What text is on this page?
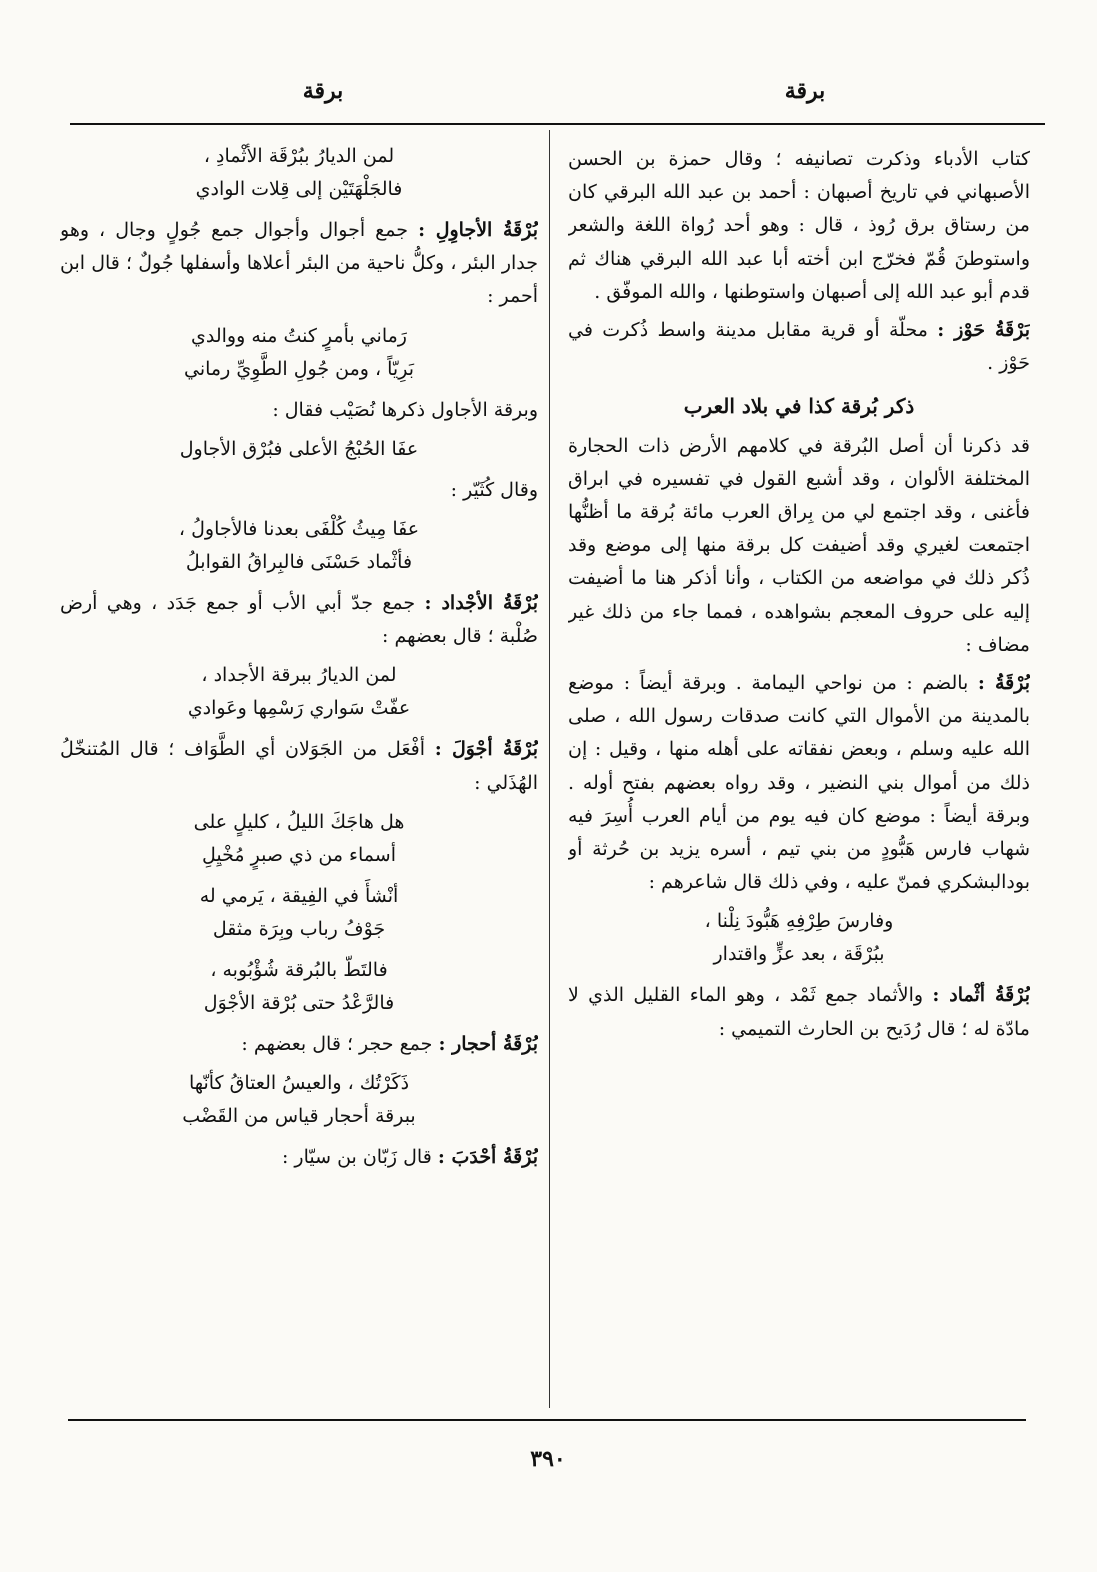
برقة
برقة

كتاب الأدباء وذكرت تصانيفه ؛ وقال حمزة بن الحسن الأصبهاني في تاريخ أصبهان : أحمد بن عبد الله البرقي كان من رستاق برق رُوذ ، قال : وهو أحد رُواة اللغة والشعر واستوطنَ قُمّ فخرّج ابن أخته أبا عبد الله البرقي هناك ثم قدم أبو عبد الله إلى أصبهان واستوطنها ، والله الموفّق .

بَرْقَةُ حَوْز : محلّة أو قرية مقابل مدينة واسط ذُكرت في حَوْز .

ذكر بُرقة كذا في بلاد العرب

قد ذكرنا أن أصل البُرقة في كلامهم الأرض ذات الحجارة المختلفة الألوان ، وقد أشبع القول في تفسيره في ابراق فأغنى ، وقد اجتمع لي من بِراق العرب مائة بُرقة ما أظنُّها اجتمعت لغيري وقد أضيفت كل برقة منها إلى موضع وقد ذُكر ذلك في مواضعه من الكتاب ، وأنا أذكر هنا ما أضيفت إليه على حروف المعجم بشواهده ، فمما جاء من ذلك غير مضاف :

بُرْقَةُ : بالضم : من نواحي اليمامة . وبرقة أيضاً : موضع بالمدينة من الأموال التي كانت صدقات رسول الله ، صلى الله عليه وسلم ، وبعض نفقاته على أهله منها ، وقيل : إن ذلك من أموال بني النضير ، وقد رواه بعضهم بفتح أوله . وبرقة أيضاً : موضع كان فيه يوم من أيام العرب أُسِرَ فيه شهاب فارس هَبُّودٍ من بني تيم ، أسره يزيد بن حُرثة أو بودالبشكري فمنّ عليه ، وفي ذلك قال شاعرهم :

وفارسَ طِرْفِهِ هَبُّودَ نِلْنا ،
ببُرْقَة ، بعد عزٍّ واقتدار

بُرْقَةُ أثْماد : والأثماد جمع ثَمْد ، وهو الماء القليل الذي لا مادّة له ؛ قال رُدَيح بن الحارث التميمي :

لمن الديارُ ببُرْقَة الأثْمادِ ،
فالجَلْهَتَيْن إلى قِلات الوادي

بُرْقَةُ الأجاوِلِ : جمع أجوال وأجوال جمع جُولٍ وجال ، وهو جدار البئر ، وكلُّ ناحية من البئر أعلاها وأسفلها جُولٌ ؛ قال ابن أحمر :

رَماني بأمرٍ كنتُ منه ووالدي
بَرِيّاً ، ومن جُولِ الطَّوِيِّ رماني

وبرقة الأجاول ذكرها نُصَيْب فقال :

عفَا الحُبْجُ الأعلى فبُرْق الأجاول

وقال كُثَيّر :

عفَا مِيثُ كُلْفَى بعدنا فالأجاولُ ،
فأثْماد حَسْنَى فالبِراقُ القوابلُ

بُرْقَةُ الأجْداد : جمع جدّ أبي الأب أو جمع جَدَد ، وهي أرض صُلْبة ؛ قال بعضهم :

لمن الديارُ ببرقة الأجداد ،
عفّتْ سَواري رَسْمِها وعَوادي

بُرْقَةُ أجْوَلَ : أفْعَل من الجَوَلان أي الطَّوَاف ؛ قال المُتنخّلُ الهُذَلي :

هل هاجَكَ الليلُ ، كليلٍ على
أسماء من ذي صبرٍ مُخْيِلِ
أنْشأَ في الفِيقة ، يَرمي له
جَوْفُ رباب وبِرَة مثقل
فالتَطّ بالبُرقة شُؤْبُوبه ،
فالرَّعْدُ حتى بُرْقة الأجْوَل

بُرْقَةُ أحجار : جمع حجر ؛ قال بعضهم :

ذَكَرْتُك ، والعيسُ العتاقُ كأنّها
ببرقة أحجار قياس من القَضْب

بُرْقَةُ أحْدَبَ : قال زَبّان بن سيّار :

٣٩٠
